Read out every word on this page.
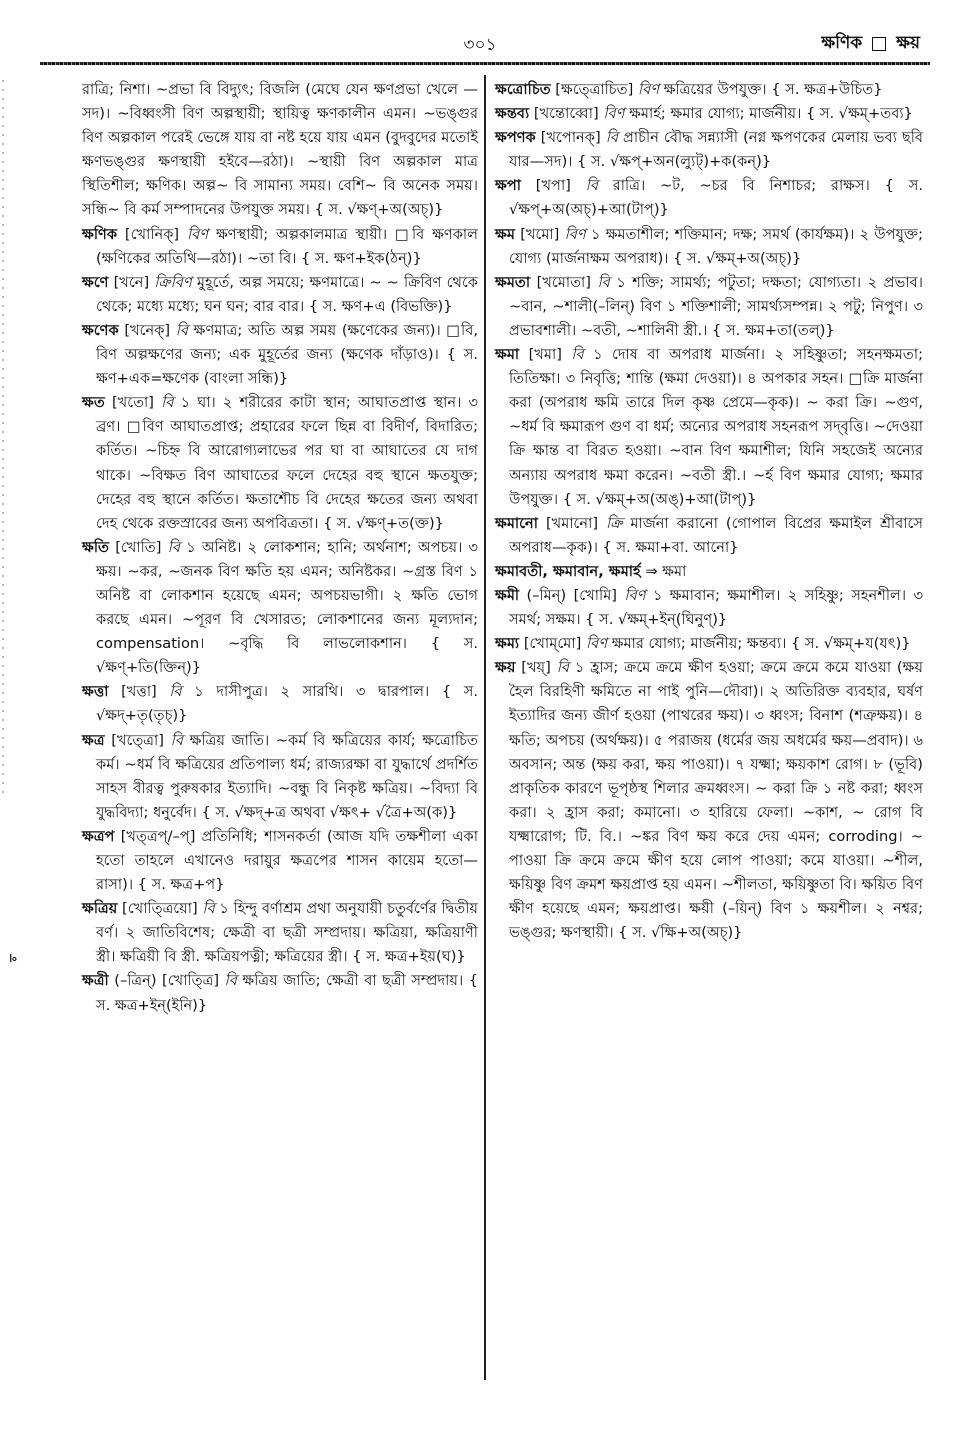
৩০১	ক্ষণিক ক্ষয়
।৹

রাত্রি; নিশা। ~প্রভা বি বিদ্যুৎ; বিজলি (মেঘে যেন ক্ষণপ্রভা খেলে —সদ)। ~বিধ্বংসী বিণ অল্পস্থায়ী; স্থায়িত্ব ক্ষণকালীন এমন। ~ভঙ্গুর বিণ অল্পকাল পরেই ভেঙ্গে যায় বা নষ্ট হয়ে যায় এমন (বুদবুদের মতোই ক্ষণভঙ্গুর ক্ষণস্থায়ী হইবে—রঠা)। ~স্থায়ী বিণ অল্পকাল মাত্র স্থিতিশীল; ক্ষণিক। অল্প~ বি সামান্য সময়। বেশি~ বি অনেক সময়। সন্ধি~ বি কর্ম সম্পাদনের উপযুক্ত সময়। { স. √ক্ষণ্+অ(অচ্)}

ক্ষণিক [খোনিক্] বিণ ক্ষণস্থায়ী; অল্পকালমাত্র স্থায়ী। □বি ক্ষণকাল (ক্ষণিকের অতিথি—রঠা)। ~তা বি। { স. ক্ষণ+ইক(ঠন্)}

ক্ষণে [খনে] ক্রিবিণ মুহূর্তে, অল্প সময়ে; ক্ষণমাত্রে। ~ ~ ক্রিবিণ থেকে থেকে; মধ্যে মধ্যে; ঘন ঘন; বার বার। { স. ক্ষণ+এ (বিভক্তি)}

ক্ষণেক [খনেক্] বি ক্ষণমাত্র; অতি অল্প সময় (ক্ষণেকের জন্য)। □বি, বিণ অল্পক্ষণের জন্য; এক মুহূর্তের জন্য (ক্ষণেক দাঁড়াও)। { স. ক্ষণ+এক=ক্ষণেক (বাংলা সন্ধি)}

ক্ষত [খতো] বি ১ ঘা। ২ শরীরের কাটা স্থান; আঘাতপ্রাপ্ত স্থান। ৩ ব্রণ। □বিণ আঘাতপ্রাপ্ত; প্রহারের ফলে ছিন্ন বা বিদীর্ণ, বিদারিত; কর্তিত। ~চিহ্ন বি আরোগ্যলাভের পর ঘা বা আঘাতের যে দাগ থাকে। ~বিক্ষত বিণ আঘাতের ফলে দেহের বহু স্থানে ক্ষতযুক্ত; দেহের বহু স্থানে কর্তিত। ক্ষতাশৌচ বি দেহের ক্ষতের জন্য অথবা দেহ থেকে রক্তস্রাবের জন্য অপবিত্রতা। { স. √ক্ষণ্+ত(ক্ত)}

ক্ষতি [খোতি] বি ১ অনিষ্ট। ২ লোকশান; হানি; অর্থনাশ; অপচয়। ৩ ক্ষয়। ~কর, ~জনক বিণ ক্ষতি হয় এমন; অনিষ্টকর। ~গ্রস্ত বিণ ১ অনিষ্ট বা লোকশান হয়েছে এমন; অপচয়ভাগী। ২ ক্ষতি ভোগ করছে এমন। ~পূরণ বি খেসারত; লোকশানের জন্য মূল্যদান; compensation। ~বৃদ্ধি বি লাভলোকশান। { স. √ক্ষণ্+তি(ক্তিন্)}

ক্ষত্তা [খত্তা] বি ১ দাসীপুত্র। ২ সারথি। ৩ দ্বারপাল। { স. √ক্ষদ্+তৃ(তৃচ্)}

ক্ষত্র [খত্ত্রো] বি ক্ষত্রিয় জাতি। ~কর্ম বি ক্ষত্রিয়ের কার্য; ক্ষত্রোচিত কর্ম। ~ধর্ম বি ক্ষত্রিয়ের প্রতিপাল্য ধর্ম; রাজ্যরক্ষা বা যুদ্ধার্থে প্রদর্শিত সাহস বীরত্ব পুরুষকার ইত্যাদি। ~বন্ধু বি নিকৃষ্ট ক্ষত্রিয়। ~বিদ্যা বি যুদ্ধবিদ্যা; ধনুর্বেদ। { স. √ক্ষদ্+ত্র অথবা √ক্ষৎ+ √ত্রৈ+অ(ক)}

ক্ষত্রপ [খত্ত্রপ্/–প্] প্রতিনিধি; শাসনকর্তা (আজ যদি তক্ষশীলা একা হতো তাহলে এখানেও দরায়ুর ক্ষত্রপের শাসন কায়েম হতো—রাসা)। { স. ক্ষত্র+প}

ক্ষত্রিয় [খোত্ত্রিয়ো] বি ১ হিন্দু বর্ণাশ্রম প্রথা অনুযায়ী চতুর্বর্ণের দ্বিতীয় বর্ণ। ২ জাতিবিশেষ; ক্ষেত্রী বা ছত্রী সম্প্রদায়। ক্ষত্রিয়া, ক্ষত্রিয়াণী স্ত্রী। ক্ষত্রিয়ী বি স্ত্রী. ক্ষত্রিয়পত্নী; ক্ষত্রিয়ের স্ত্রী। { স. ক্ষত্র+ইয়(ঘ)}

ক্ষত্রী (–ত্রিন্) [খোত্ত্রি] বি ক্ষত্রিয় জাতি; ক্ষেত্রী বা ছত্রী সম্প্রদায়। { স. ক্ষত্র+ইন্(ইনি)}

ক্ষত্রোচিত [ক্ষত্ত্রোচিত] বিণ ক্ষত্রিয়ের উপযুক্ত। { স. ক্ষত্র+উচিত}

ক্ষন্তব্য [খন্তোব্বো] বিণ ক্ষমার্হ; ক্ষমার যোগ্য; মার্জনীয়। { স. √ক্ষম্+তব্য}

ক্ষপণক [খপোনক্] বি প্রাচীন বৌদ্ধ সন্ন্যাসী (নগ্ন ক্ষপণকের মেলায় ভব্য ছবি যার—সদ)। { স. √ক্ষপ্+অন(ল্যুট্)+ক(কন্)}

ক্ষপা [খপা] বি রাত্রি। ~ট, ~চর বি নিশাচর; রাক্ষস। { স. √ক্ষপ্+অ(অচ্)+আ(টাপ্)}

ক্ষম [খমো] বিণ ১ ক্ষমতাশীল; শক্তিমান; দক্ষ; সমর্থ (কার্যক্ষম)। ২ উপযুক্ত; যোগ্য (মার্জনাক্ষম অপরাধ)। { স. √ক্ষম্+অ(অচ্)}

ক্ষমতা [খমোতা] বি ১ শক্তি; সামর্থ্য; পটুতা; দক্ষতা; যোগ্যতা। ২ প্রভাব। ~বান, ~শালী(–লিন্) বিণ ১ শক্তিশালী; সামর্থ্যসম্পন্ন। ২ পটু; নিপুণ। ৩ প্রভাবশালী। ~বতী, ~শালিনী স্ত্রী.। { স. ক্ষম+তা(তল্)}

ক্ষমা [খমা] বি ১ দোষ বা অপরাধ মার্জনা। ২ সহিষ্ণুতা; সহনক্ষমতা; তিতিক্ষা। ৩ নিবৃত্তি; শান্তি (ক্ষমা দেওয়া)। ৪ অপকার সহন। □ক্রি মার্জনা করা (অপরাধ ক্ষমি তারে দিল কৃষ্ণ প্রেমে—কৃক)। ~ করা ক্রি। ~গুণ, ~ধর্ম বি ক্ষমারূপ গুণ বা ধর্ম; অন্যের অপরাধ সহনরূপ সদ্‌বৃত্তি। ~দেওয়া ক্রি ক্ষান্ত বা বিরত হওয়া। ~বান বিণ ক্ষমাশীল; যিনি সহজেই অন্যের অন্যায় অপরাধ ক্ষমা করেন। ~বতী স্ত্রী.। ~র্হ বিণ ক্ষমার যোগ্য; ক্ষমার উপযুক্ত। { স. √ক্ষম্+অ(অঙ্)+আ(টাপ্)}

ক্ষমানো [খমানো] ক্রি মার্জনা করানো (গোপাল বিপ্রের ক্ষমাইল শ্রীবাসে অপরাধ—কৃক)। { স. ক্ষমা+বা. আনো}

ক্ষমাবতী, ক্ষমাবান, ক্ষমার্হ ⇒ ক্ষমা

ক্ষমী (–মিন্) [খোমি] বিণ ১ ক্ষমাবান; ক্ষমাশীল। ২ সহিষ্ণু; সহনশীল। ৩ সমর্থ; সক্ষম। { স. √ক্ষম্+ইন্(ঘিনুণ্)}

ক্ষম্য [খোম্‌মো] বিণ ক্ষমার যোগ্য; মার্জনীয়; ক্ষন্তব্য। { স. √ক্ষম্+য(যৎ)}

ক্ষয় [খয়্] বি ১ হ্রাস; ক্রমে ক্রমে ক্ষীণ হওয়া; ক্রমে ক্রমে কমে যাওয়া (ক্ষয় হৈল বিরহিণী ক্ষমিতে না পাই পুনি—দৌবা)। ২ অতিরিক্ত ব্যবহার, ঘর্ষণ ইত্যাদির জন্য জীর্ণ হওয়া (পাথরের ক্ষয়)। ৩ ধ্বংস; বিনাশ (শত্রুক্ষয়)। ৪ ক্ষতি; অপচয় (অর্থক্ষয়)। ৫ পরাজয় (ধর্মের জয় অধর্মের ক্ষয়—প্রবাদ)। ৬ অবসান; অন্ত (ক্ষয় করা, ক্ষয় পাওয়া)। ৭ যক্ষ্মা; ক্ষয়কাশ রোগ। ৮ (ভূবি) প্রাকৃতিক কারণে ভূপৃষ্ঠস্থ শিলার ক্রমধ্বংস। ~ করা ক্রি ১ নষ্ট করা; ধ্বংস করা। ২ হ্রাস করা; কমানো। ৩ হারিয়ে ফেলা। ~কাশ, ~ রোগ বি যক্ষ্মারোগ; টি. বি.। ~ঙ্কর বিণ ক্ষয় করে দেয় এমন; corroding। ~ পাওয়া ক্রি ক্রমে ক্রমে ক্ষীণ হয়ে লোপ পাওয়া; কমে যাওয়া। ~শীল, ক্ষয়িষ্ণু বিণ ক্রমশ ক্ষয়প্রাপ্ত হয় এমন। ~শীলতা, ক্ষয়িষ্ণুতা বি। ক্ষয়িত বিণ ক্ষীণ হয়েছে এমন; ক্ষয়প্রাপ্ত। ক্ষয়ী (–য়িন্) বিণ ১ ক্ষয়শীল। ২ নশ্বর; ভঙ্গুর; ক্ষণস্থায়ী। { স. √ক্ষি+অ(অচ্)}
